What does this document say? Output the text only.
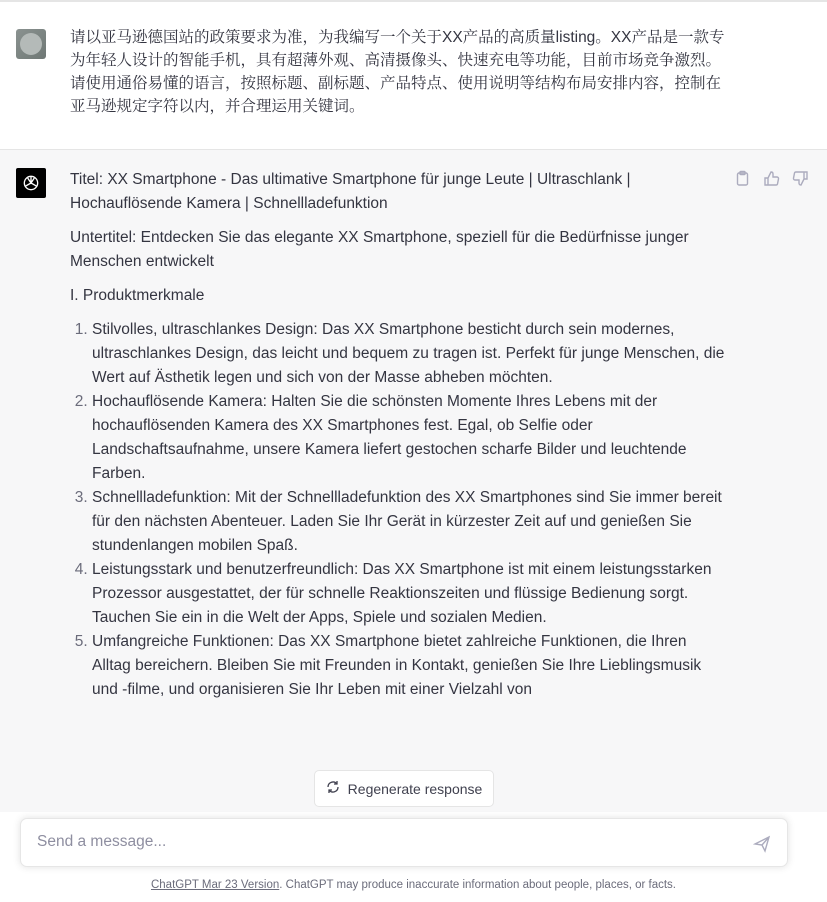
请以亚马逊德国站的政策要求为准，为我编写一个关于XX产品的高质量listing。XX产品是一款专为年轻人设计的智能手机，具有超薄外观、高清摄像头、快速充电等功能，目前市场竞争激烈。请使用通俗易懂的语言，按照标题、副标题、产品特点、使用说明等结构布局安排内容，控制在亚马逊规定字符以内，并合理运用关键词。

Titel: XX Smartphone - Das ultimative Smartphone für junge Leute | Ultraschlank | Hochauflösende Kamera | Schnellladefunktion

Untertitel: Entdecken Sie das elegante XX Smartphone, speziell für die Bedürfnisse junger Menschen entwickelt

I. Produktmerkmale

1. Stilvolles, ultraschlankes Design: Das XX Smartphone besticht durch sein modernes, ultraschlankes Design, das leicht und bequem zu tragen ist. Perfekt für junge Menschen, die Wert auf Ästhetik legen und sich von der Masse abheben möchten.
2. Hochauflösende Kamera: Halten Sie die schönsten Momente Ihres Lebens mit der hochauflösenden Kamera des XX Smartphones fest. Egal, ob Selfie oder Landschaftsaufnahme, unsere Kamera liefert gestochen scharfe Bilder und leuchtende Farben.
3. Schnellladefunktion: Mit der Schnellladefunktion des XX Smartphones sind Sie immer bereit für den nächsten Abenteuer. Laden Sie Ihr Gerät in kürzester Zeit auf und genießen Sie stundenlangen mobilen Spaß.
4. Leistungsstark und benutzerfreundlich: Das XX Smartphone ist mit einem leistungsstarken Prozessor ausgestattet, der für schnelle Reaktionszeiten und flüssige Bedienung sorgt. Tauchen Sie ein in die Welt der Apps, Spiele und sozialen Medien.
5. Umfangreiche Funktionen: Das XX Smartphone bietet zahlreiche Funktionen, die Ihren Alltag bereichern. Bleiben Sie mit Freunden in Kontakt, genießen Sie Ihre Lieblingsmusik und -filme, und organisieren Sie Ihr Leben mit einer Vielzahl von
Regenerate response
Send a message...
ChatGPT Mar 23 Version. ChatGPT may produce inaccurate information about people, places, or facts.
